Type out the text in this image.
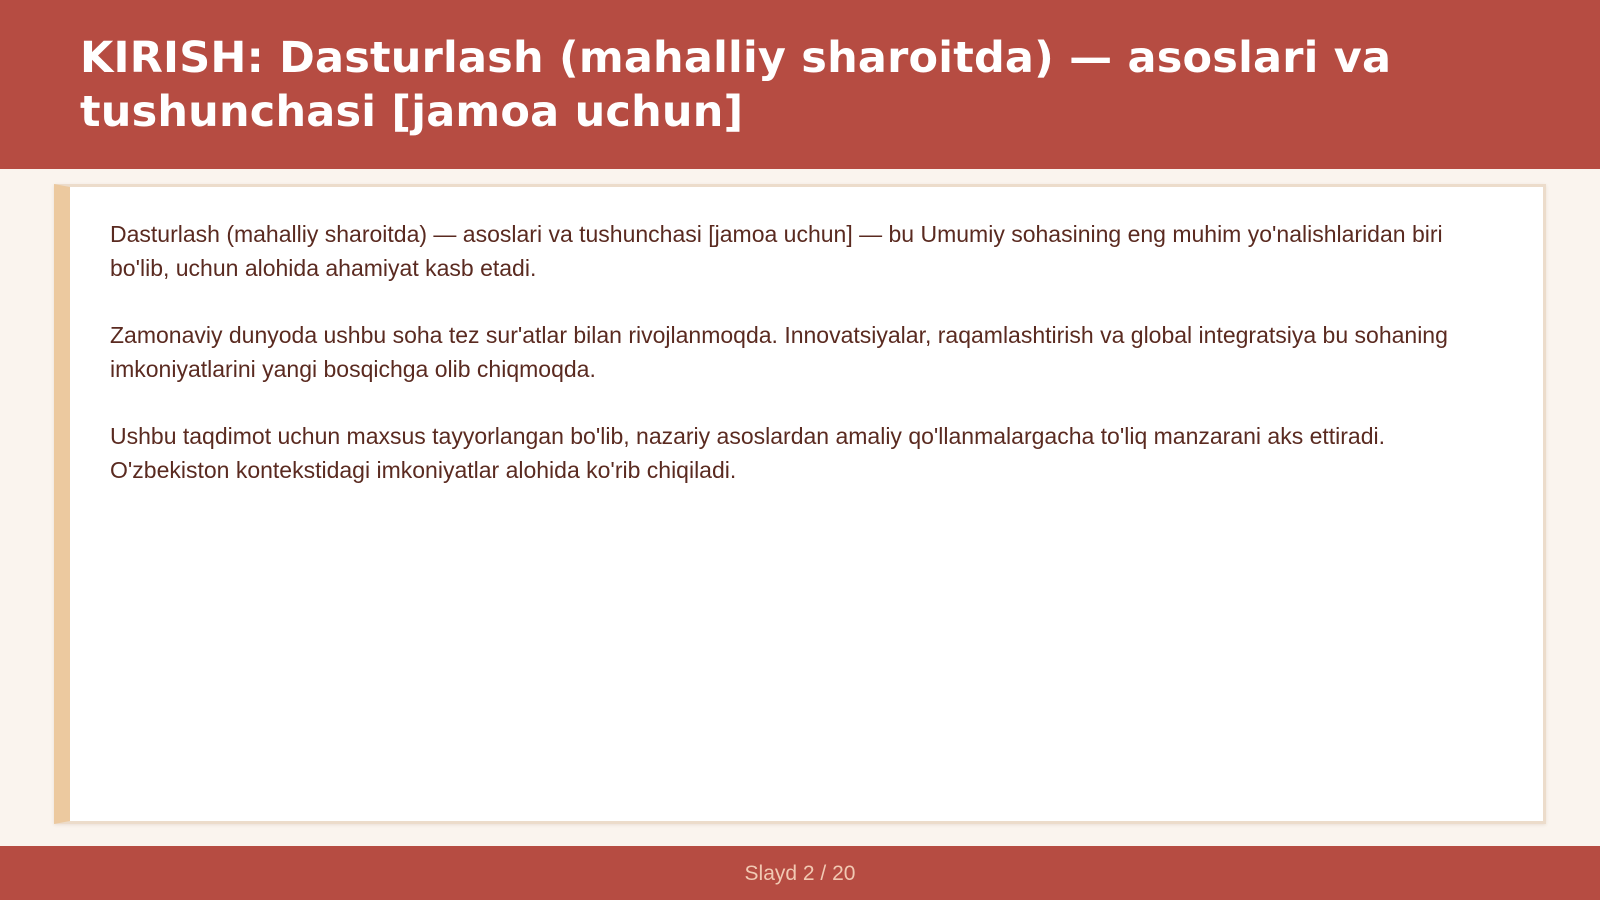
KIRISH: Dasturlash (mahalliy sharoitda) — asoslari va tushunchasi [jamoa uchun]

Dasturlash (mahalliy sharoitda) — asoslari va tushunchasi [jamoa uchun] — bu Umumiy sohasining eng muhim yo'nalishlaridan biri bo'lib, uchun alohida ahamiyat kasb etadi.

Zamonaviy dunyoda ushbu soha tez sur'atlar bilan rivojlanmoqda. Innovatsiyalar, raqamlashtirish va global integratsiya bu sohaning imkoniyatlarini yangi bosqichga olib chiqmoqda.

Ushbu taqdimot uchun maxsus tayyorlangan bo'lib, nazariy asoslardan amaliy qo'llanmalargacha to'liq manzarani aks ettiradi. O'zbekiston kontekstidagi imkoniyatlar alohida ko'rib chiqiladi.

Slayd 2 / 20
